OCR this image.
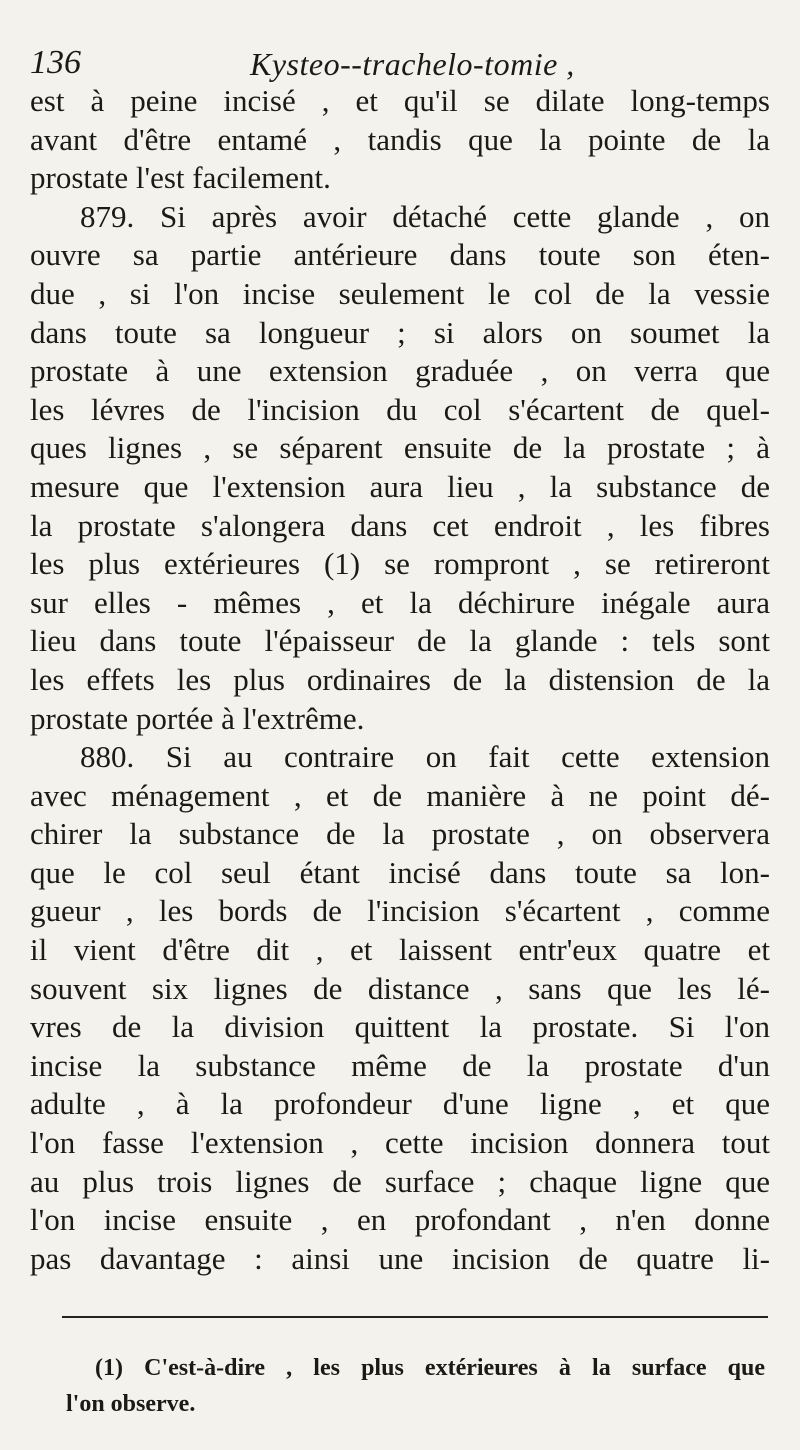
136	Kysteo--trachelo-tomie ,
est à peine incisé , et qu'il se dilate long-temps
avant d'être entamé , tandis que la pointe de la
prostate l'est facilement.
879. Si après avoir détaché cette glande , on
ouvre sa partie antérieure dans toute son éten-
due , si l'on incise seulement le col de la vessie
dans toute sa longueur ; si alors on soumet la
prostate à une extension graduée , on verra que
les lévres de l'incision du col s'écartent de quel-
ques lignes , se séparent ensuite de la prostate ; à
mesure que l'extension aura lieu , la substance de
la prostate s'alongera dans cet endroit , les fibres
les plus extérieures (1) se rompront , se retireront
sur elles - mêmes , et la déchirure inégale aura
lieu dans toute l'épaisseur de la glande : tels sont
les effets les plus ordinaires de la distension de la
prostate portée à l'extrême.
880. Si au contraire on fait cette extension
avec ménagement , et de manière à ne point dé-
chirer la substance de la prostate , on observera
que le col seul étant incisé dans toute sa lon-
gueur , les bords de l'incision s'écartent , comme
il vient d'être dit , et laissent entr'eux quatre et
souvent six lignes de distance , sans que les lé-
vres de la division quittent la prostate. Si l'on
incise la substance même de la prostate d'un
adulte , à la profondeur d'une ligne , et que
l'on fasse l'extension , cette incision donnera tout
au plus trois lignes de surface ; chaque ligne que
l'on incise ensuite , en profondant , n'en donne
pas davantage : ainsi une incision de quatre li-
(1) C'est-à-dire , les plus extérieures à la surface que
l'on observe.
